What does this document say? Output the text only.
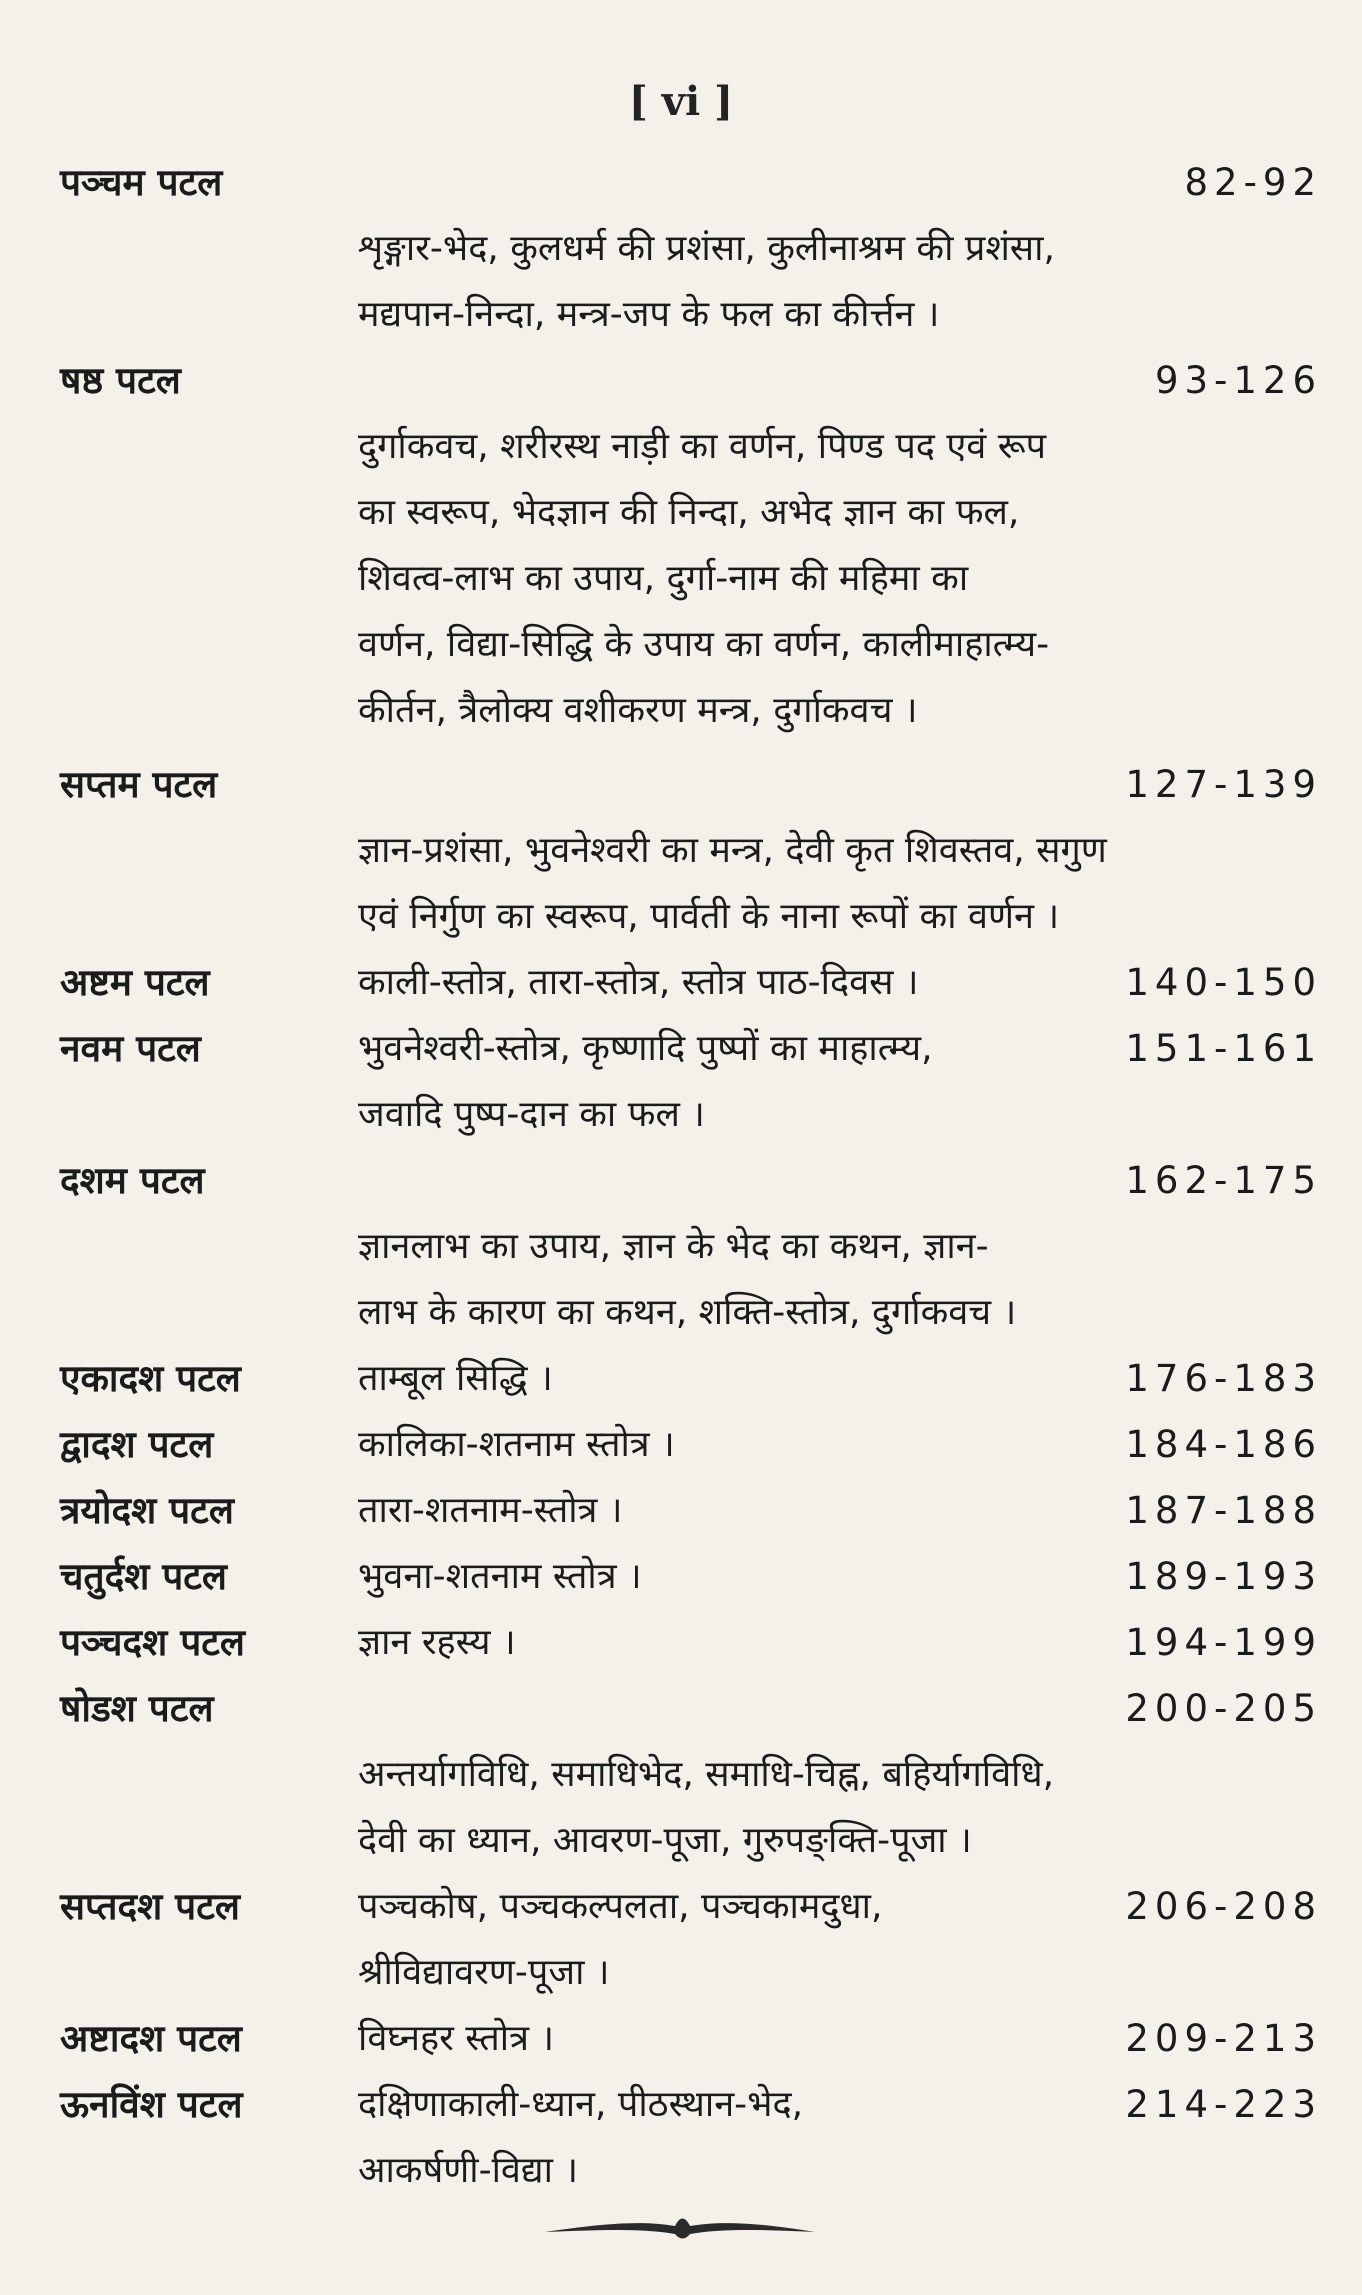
[ vi ]
पञ्चम पटल	82-92
शृङ्गार-भेद, कुलधर्म की प्रशंसा, कुलीनाश्रम की प्रशंसा,
मद्यपान-निन्दा, मन्त्र-जप के फल का कीर्त्तन ।
षष्ठ पटल	93-126
दुर्गाकवच, शरीरस्थ नाड़ी का वर्णन, पिण्ड पद एवं रूप
का स्वरूप, भेदज्ञान की निन्दा, अभेद ज्ञान का फल,
शिवत्व-लाभ का उपाय, दुर्गा-नाम की महिमा का
वर्णन, विद्या-सिद्धि के उपाय का वर्णन, कालीमाहात्म्य-
कीर्तन, त्रैलोक्य वशीकरण मन्त्र, दुर्गाकवच ।
सप्तम पटल	127-139
ज्ञान-प्रशंसा, भुवनेश्वरी का मन्त्र, देवी कृत शिवस्तव, सगुण
एवं निर्गुण का स्वरूप, पार्वती के नाना रूपों का वर्णन ।
अष्टम पटल	140-150
काली-स्तोत्र, तारा-स्तोत्र, स्तोत्र पाठ-दिवस ।
नवम पटल	151-161
भुवनेश्वरी-स्तोत्र, कृष्णादि पुष्पों का माहात्म्य,
जवादि पुष्प-दान का फल ।
दशम पटल	162-175
ज्ञानलाभ का उपाय, ज्ञान के भेद का कथन, ज्ञान-
लाभ के कारण का कथन, शक्ति-स्तोत्र, दुर्गाकवच ।
एकादश पटल	176-183
ताम्बूल सिद्धि ।
द्वादश पटल	184-186
कालिका-शतनाम स्तोत्र ।
त्रयोदश पटल	187-188
तारा-शतनाम-स्तोत्र ।
चतुर्दश पटल	189-193
भुवना-शतनाम स्तोत्र ।
पञ्चदश पटल	194-199
ज्ञान रहस्य ।
षोडश पटल	200-205
अन्तर्यागविधि, समाधिभेद, समाधि-चिह्न, बहिर्यागविधि,
देवी का ध्यान, आवरण-पूजा, गुरुपङ्क्ति-पूजा ।
सप्तदश पटल	206-208
पञ्चकोष, पञ्चकल्पलता, पञ्चकामदुधा,
श्रीविद्यावरण-पूजा ।
अष्टादश पटल	209-213
विघ्नहर स्तोत्र ।
ऊनविंश पटल	214-223
दक्षिणाकाली-ध्यान, पीठस्थान-भेद,
आकर्षणी-विद्या ।
